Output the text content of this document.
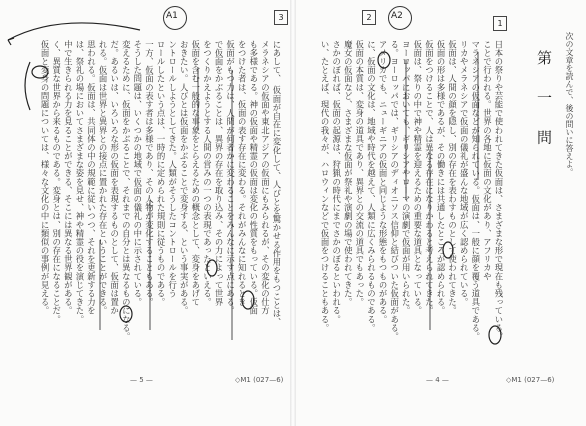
3
A1
にあして、 仮面が自在に変化して、人びとを驚かせる作用をもつことは、
メラネシアの仮面や東北アジアの仮面にもみられるが、その変化の仕方
も多様である。神の仮面や精霊の仮面は変化の性質をもっている。仮面
をつけた者は、仮面の表す存在に変わる。それがみんなに知れるとき、
仮面がもつ力は、人間が何者かに変わることをみんなに示す点にある。
で仮面をかぶることは、異界の存在を取り込み、その力によって世界
をつくりかえようとする人間の営みの一つの表現であったといえる。
仮面を含む一般的な事象をとらえるための概念として、変身をあげて
おきたい。人びとは仮面をかぶることで変身する、という事実がある。
ントロールしようとしてきた。人類がそうしたコントロールを行う
ロールしたという点は、一時的に定められた規則に従うものである。
一方、仮面の表す者は多様であり、その人物が変化することもある。
そうした問題は、いくつかの地域で仮面の儀礼の中に示されている。
変えるために、仮面をかぶることで、それまでの自分とは異なるものになる。
だ。あるいは、いろいろな形の仮面を表現するものとして、仮面は置か
れる。仮面は世界と異界との接点に置かれた存在ということができる。
思われる。仮面は、共同体の中の規範に従いつつ、それを更新する力を
は、祭礼の場においてさまざまな姿を見せ、神や精霊の役を演じてきた。
中で生きられる力を見ることができる、そこには異なる世界観がある。
く、異質な世界から来るものである。変身とは、別の存在になることだ。
仮面と変身の問題については、様々な文化の中に類似の事例が見える。
— 5 —	◇M1 (027—6)
2	A2
1
第 一 問 次の文章を読んで、後の問いに答えよ。
日本の祭りや芸能で使われてきた仮面は、さまざまな形で現在も残っている。
ことで行われる。世界の各地に仮面の文化があり、アフリカや
マラネシアの仮面などが知られている。仮面は、一般に顔を覆う道具である。
リカやメラネシアで仮面の儀礼が盛んな地域が広く認められている。
仮面は、人間の顔を隠し、別の存在を表わすものとして使われてきた。
仮面の形は多様であるが、その働きには共通したところが認められる。
仮面をつけることで、人は異なる存在になりかわると考えられてきた。
仮面は、祭りの中で神や精霊を迎えるための重要な道具となっている。
ヨーロッパにおいても、ギリシアやローマの演劇で仮面が用いられた。
る。ヨーロッパでは、ギリシアのディオニソス信仰と結びついた仮面がある。
アメリカでも、ニューギニアの仮面と同じような形態をもつものがある。
に、仮面の文化は、地域や時代を越えて、人類に広くみられるものである。
仮面の本質は、変身の道具であり、異界との交流の道具でもあった。
魔女の仮面など、さまざまな仮面が祭礼や演劇の場で使われてきた。
さかのぼれば、仮面の起源は、狩猟の時代にまでさかのぼるといわれる。
い、たとえば、現代の我々が、ハロウィンなどで仮面をつけることもある。
— 4 —	◇M1 (027—6)
